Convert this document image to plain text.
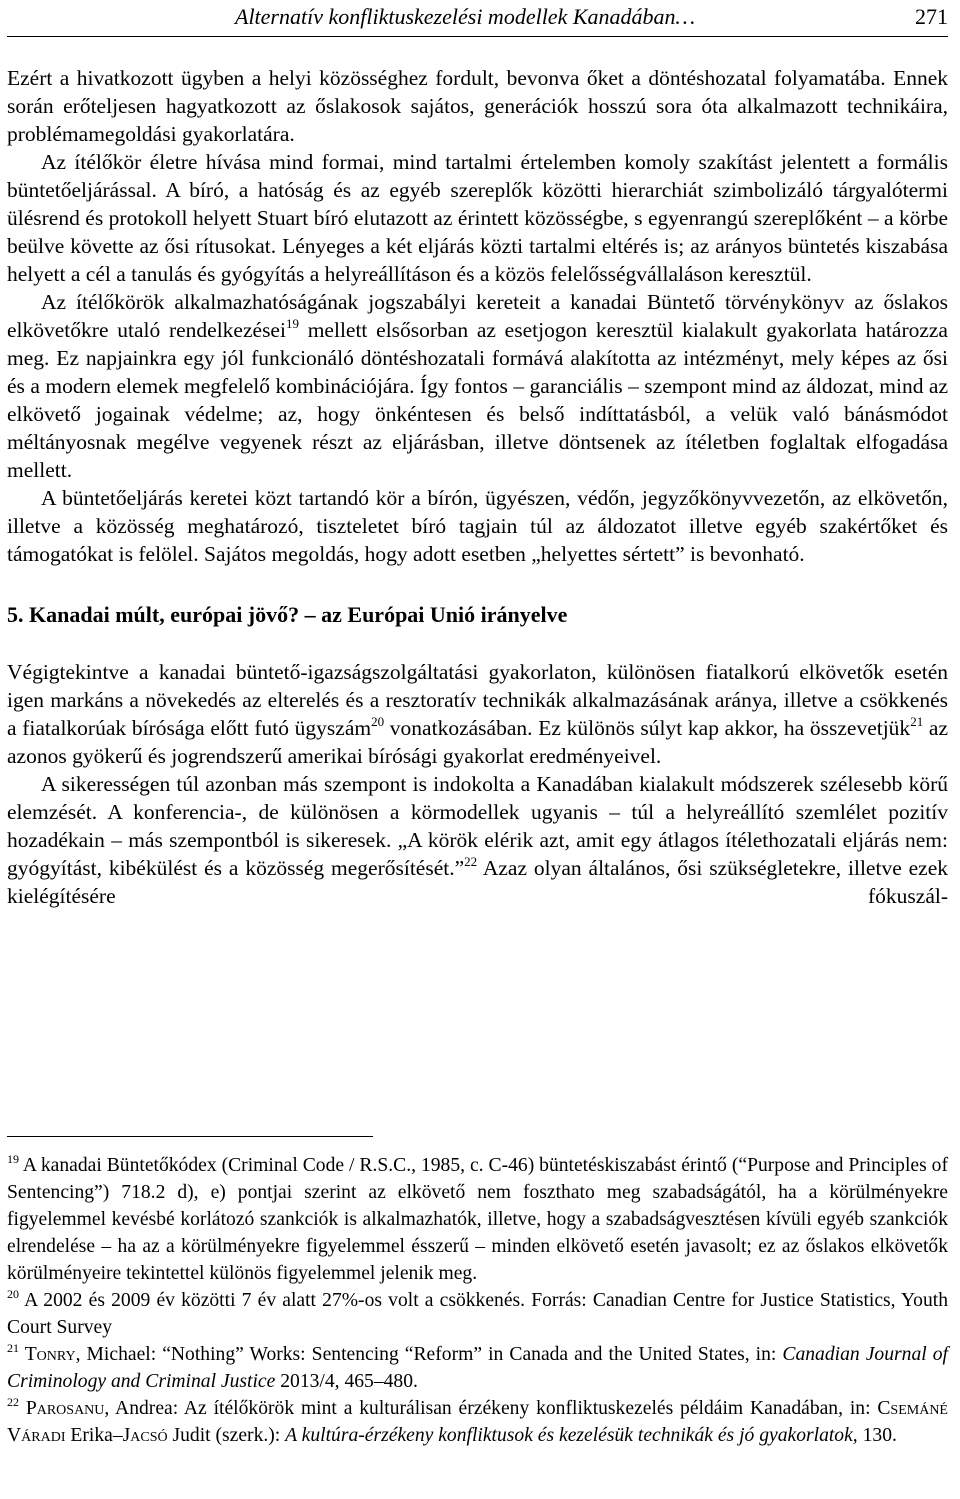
Alternatív konfliktuskezelési modellek Kanadában…	271

Ezért a hivatkozott ügyben a helyi közösséghez fordult, bevonva őket a döntéshozatal folyamatába. Ennek során erőteljesen hagyatkozott az őslakosok sajátos, generációk hosszú sora óta alkalmazott technikáira, problémamegoldási gyakorlatára.

Az ítélőkör életre hívása mind formai, mind tartalmi értelemben komoly szakítást jelentett a formális büntetőeljárással. A bíró, a hatóság és az egyéb szereplők közötti hierarchiát szimbolizáló tárgyalótermi ülésrend és protokoll helyett Stuart bíró elutazott az érintett közösségbe, s egyenrangú szereplőként – a körbe beülve követte az ősi rítusokat. Lényeges a két eljárás közti tartalmi eltérés is; az arányos büntetés kiszabása helyett a cél a tanulás és gyógyítás a helyreállításon és a közös felelősségvállaláson keresztül.

Az ítélőkörök alkalmazhatóságának jogszabályi kereteit a kanadai Büntető törvénykönyv az őslakos elkövetőkre utaló rendelkezései$^{19}$ mellett elsősorban az esetjogon keresztül kialakult gyakorlata határozza meg. Ez napjainkra egy jól funkcionáló döntéshozatali formává alakította az intézményt, mely képes az ősi és a modern elemek megfelelő kombinációjára. Így fontos – garanciális – szempont mind az áldozat, mind az elkövető jogainak védelme; az, hogy önkéntesen és belső indíttatásból, a velük való bánásmódot méltányosnak megélve vegyenek részt az eljárásban, illetve döntsenek az ítéletben foglaltak elfogadása mellett.

A büntetőeljárás keretei közt tartandó kör a bírón, ügyészen, védőn, jegyzőkönyvvezetőn, az elkövetőn, illetve a közösség meghatározó, tiszteletet bíró tagjain túl az áldozatot illetve egyéb szakértőket és támogatókat is felölel. Sajátos megoldás, hogy adott esetben „helyettes sértett” is bevonható.

5. Kanadai múlt, európai jövő? – az Európai Unió irányelve

Végigtekintve a kanadai büntető-igazságszolgáltatási gyakorlaton, különösen fiatalkorú elkövetők esetén igen markáns a növekedés az elterelés és a resztoratív technikák alkalmazásának aránya, illetve a csökkenés a fiatalkorúak bírósága előtt futó ügyszám$^{20}$ vonatkozásában. Ez különös súlyt kap akkor, ha összevetjük$^{21}$ az azonos gyökerű és jogrendszerű amerikai bírósági gyakorlat eredményeivel.

A sikerességen túl azonban más szempont is indokolta a Kanadában kialakult módszerek szélesebb körű elemzését. A konferencia-, de különösen a körmodellek ugyanis – túl a helyreállító szemlélet pozitív hozadékain – más szempontból is sikeresek. „A körök elérik azt, amit egy átlagos ítélethozatali eljárás nem: gyógyítást, kibékülést és a közösség megerősítését.”$^{22}$ Azaz olyan általános, ősi szükségletekre, illetve ezek kielégítésére fókuszál-

$^{19}$ A kanadai Büntetőkódex (Criminal Code / R.S.C., 1985, c. C-46) büntetéskiszabást érintő (“Purpose and Principles of Sentencing”) 718.2 d), e) pontjai szerint az elkövető nem foszthato meg szabadságától, ha a körülményekre figyelemmel kevésbé korlátozó szankciók is alkalmazhatók, illetve, hogy a szabadságvesztésen kívüli egyéb szankciók elrendelése – ha az a körülményekre figyelemmel ésszerű – minden elkövető esetén javasolt; ez az őslakos elkövetők körülményeire tekintettel különös figyelemmel jelenik meg.

$^{20}$ A 2002 és 2009 év közötti 7 év alatt 27%-os volt a csökkenés. Forrás: Canadian Centre for Justice Statistics, Youth Court Survey

$^{21}$ Tonry, Michael: “Nothing” Works: Sentencing “Reform” in Canada and the United States, in: Canadian Journal of Criminology and Criminal Justice 2013/4, 465–480.

$^{22}$ Parosanu, Andrea: Az ítélőkörök mint a kulturálisan érzékeny konfliktuskezelés példáim Kanadában, in: Csemáné Váradi Erika–Jacsó Judit (szerk.): A kultúra-érzékeny konfliktusok és kezelésük technikák és jó gyakorlatok, 130.
